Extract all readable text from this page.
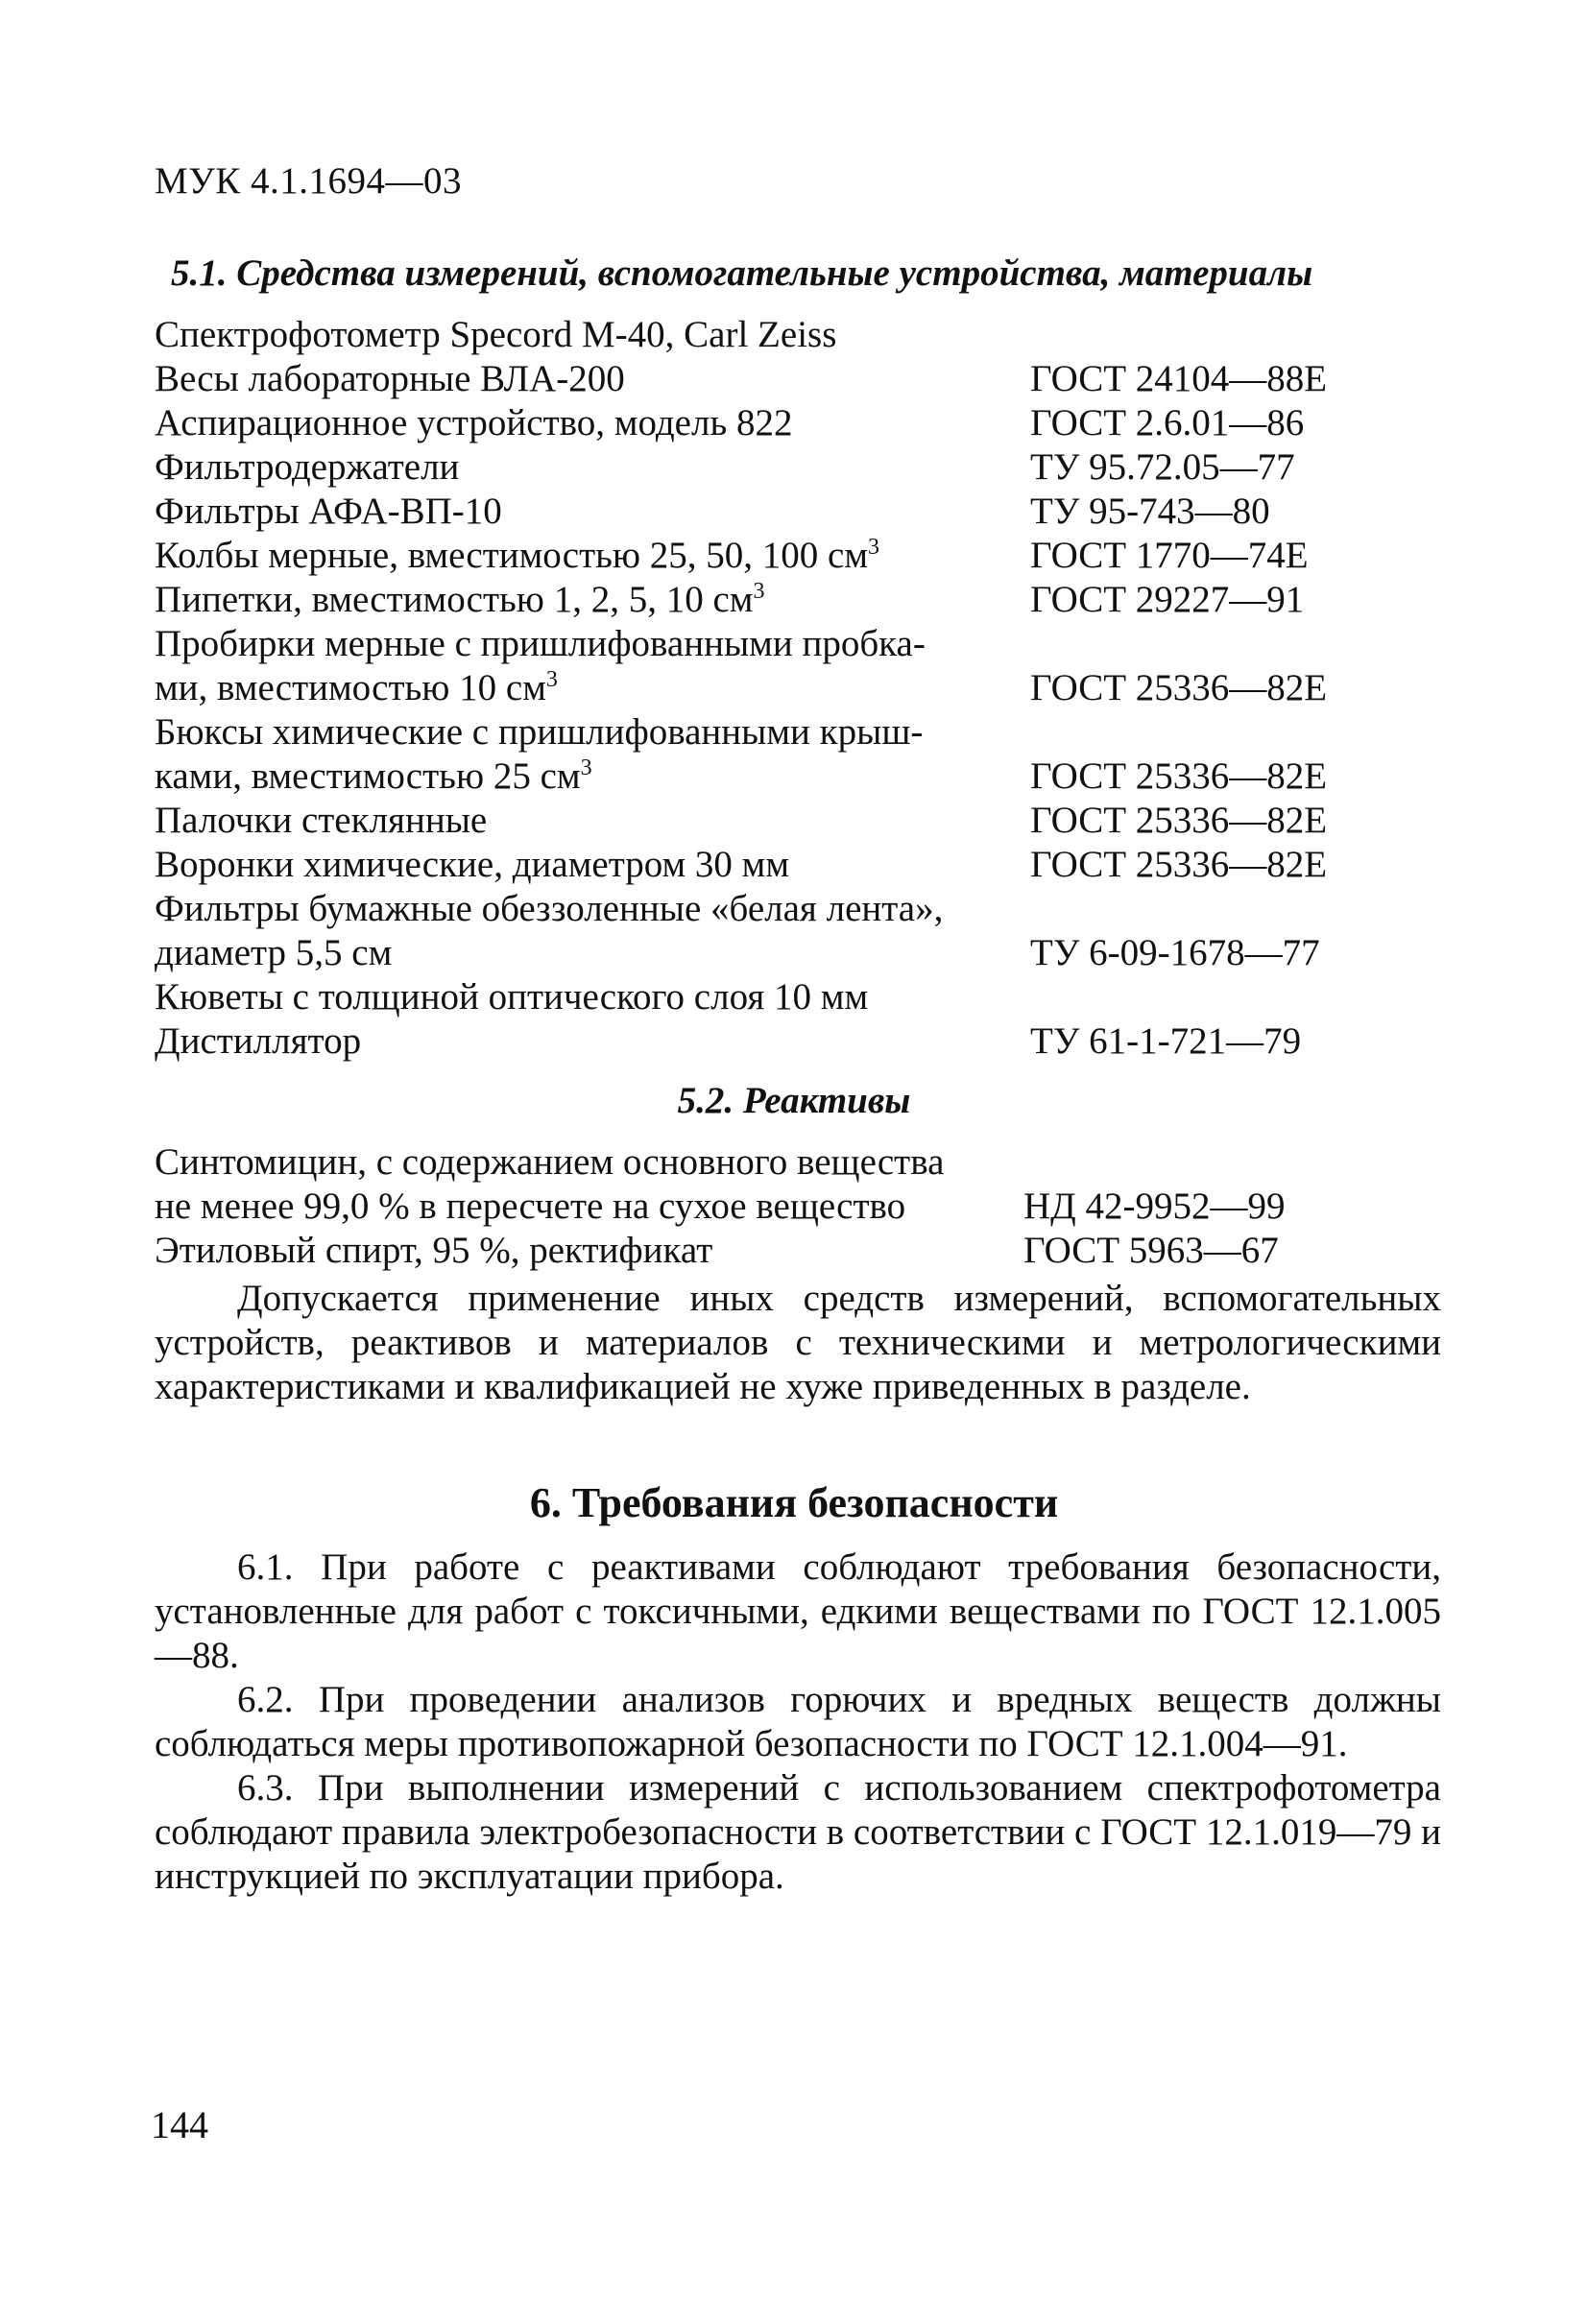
МУК 4.1.1694—03
5.1. Средства измерений, вспомогательные устройства, материалы
Спектрофотометр Specord M-40, Carl Zeiss
Весы лабораторные ВЛА-200	ГОСТ 24104—88Е
Аспирационное устройство, модель 822	ГОСТ 2.6.01—86
Фильтродержатели	ТУ 95.72.05—77
Фильтры АФА-ВП-10	ТУ 95-743—80
Колбы мерные, вместимостью 25, 50, 100 $см^3$	ГОСТ 1770—74Е
Пипетки, вместимостью 1, 2, 5, 10 $см^3$	ГОСТ 29227—91
Пробирки мерные с пришлифованными пробка-
ми, вместимостью 10 $см^3$	ГОСТ 25336—82Е
Бюксы химические с пришлифованными крыш-
ками, вместимостью 25 $см^3$	ГОСТ 25336—82Е
Палочки стеклянные	ГОСТ 25336—82Е
Воронки химические, диаметром 30 мм	ГОСТ 25336—82Е
Фильтры бумажные обеззоленные «белая лента»,
диаметр 5,5 см	ТУ 6-09-1678—77
Кюветы с толщиной оптического слоя 10 мм
Дистиллятор	ТУ 61-1-721—79
5.2. Реактивы
Синтомицин, с содержанием основного вещества
не менее 99,0 % в пересчете на сухое вещество	НД 42-9952—99
Этиловый спирт, 95 %, ректификат	ГОСТ 5963—67
Допускается применение иных средств измерений, вспомогательных устройств, реактивов и материалов с техническими и метрологическими характеристиками и квалификацией не хуже приведенных в разделе.
6. Требования безопасности
6.1. При работе с реактивами соблюдают требования безопасности, установленные для работ с токсичными, едкими веществами по ГОСТ 12.1.005—88.
6.2. При проведении анализов горючих и вредных веществ должны соблюдаться меры противопожарной безопасности по ГОСТ 12.1.004—91.
6.3. При выполнении измерений с использованием спектрофотометра соблюдают правила электробезопасности в соответствии с ГОСТ 12.1.019—79 и инструкцией по эксплуатации прибора.
144
